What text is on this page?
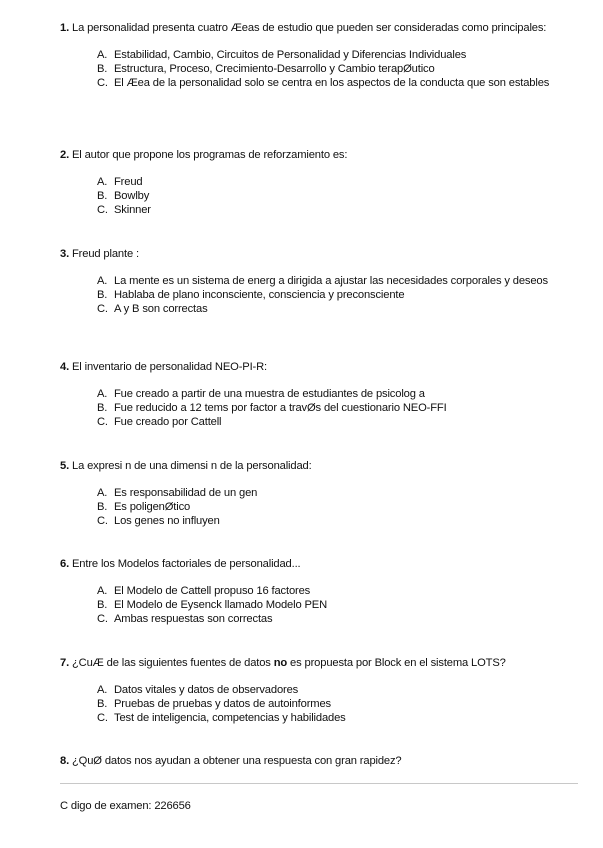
1. La personalidad presenta cuatro Æeas de estudio que pueden ser consideradas como principales:
A. Estabilidad, Cambio, Circuitos de Personalidad y Diferencias Individuales
B. Estructura, Proceso, Crecimiento-Desarrollo y Cambio terapØutico
C. El Æea de la personalidad solo se centra en los aspectos de la conducta que son estables
2. El autor que propone los programas de reforzamiento es:
A. Freud
B. Bowlby
C. Skinner
3. Freud plante :
A. La mente es un sistema de energ a dirigida a ajustar las necesidades corporales y deseos
B. Hablaba de plano inconsciente, consciencia y preconsciente
C. A y B son correctas
4. El inventario de personalidad NEO-PI-R:
A. Fue creado a partir de una muestra de estudiantes de psicolog a
B. Fue reducido a 12 tems por factor a travØs del cuestionario NEO-FFI
C. Fue creado por Cattell
5. La expresi n de una dimensi n de la personalidad:
A. Es responsabilidad de un gen
B. Es poligenØtico
C. Los genes no influyen
6. Entre los Modelos factoriales de personalidad...
A. El Modelo de Cattell propuso 16 factores
B. El Modelo de Eysenck llamado Modelo PEN
C. Ambas respuestas son correctas
7. ¿CuÆ de las siguientes fuentes de datos no es propuesta por Block en el sistema LOTS?
A. Datos vitales y datos de observadores
B. Pruebas de pruebas y datos de autoinformes
C. Test de inteligencia, competencias y habilidades
8. ¿QuØ datos nos ayudan a obtener una respuesta con gran rapidez?
C digo de examen: 226656
